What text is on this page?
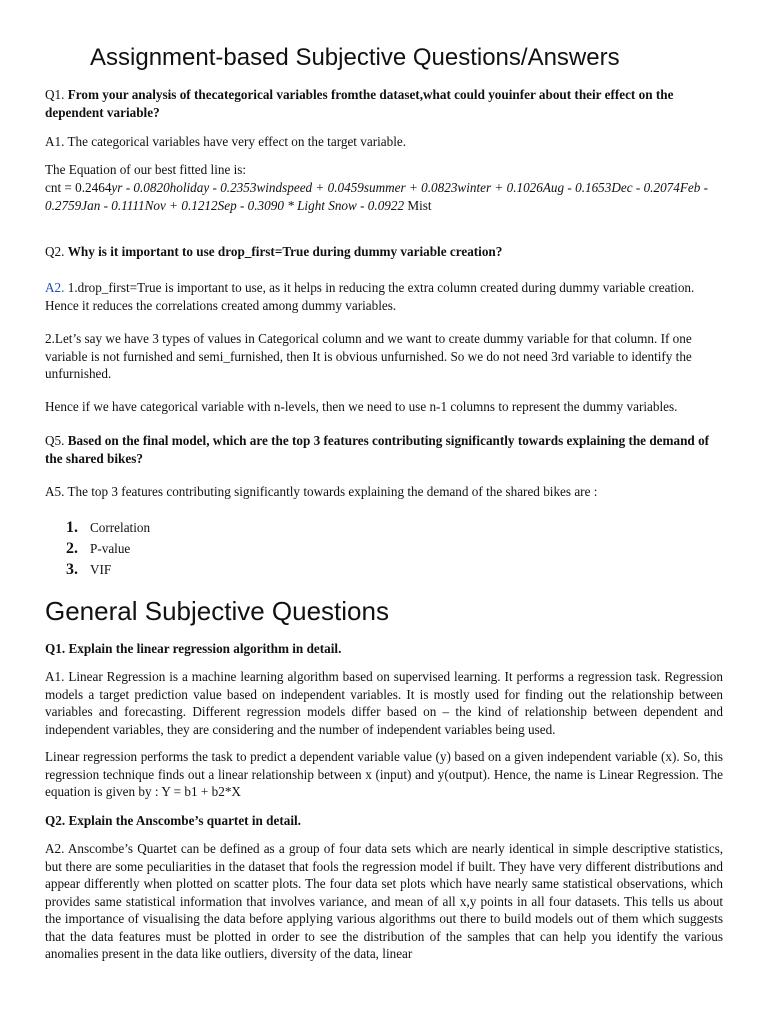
Assignment-based Subjective Questions/Answers
Q1. From your analysis of thecategorical variables fromthe dataset,what could youinfer about their effect on the dependent variable?
A1. The categorical variables have very effect on the target variable.
The Equation of our best fitted line is:
cnt = 0.2464yr - 0.0820holiday - 0.2353windspeed + 0.0459summer + 0.0823winter + 0.1026Aug - 0.1653Dec - 0.2074Feb - 0.2759Jan - 0.1111Nov + 0.1212Sep - 0.3090 * Light Snow - 0.0922 Mist
Q2. Why is it important to use drop_first=True during dummy variable creation?
A2. 1.drop_first=True is important to use, as it helps in reducing the extra column created during dummy variable creation. Hence it reduces the correlations created among dummy variables.
2.Let’s say we have 3 types of values in Categorical column and we want to create dummy variable for that column. If one variable is not furnished and semi_furnished, then It is obvious unfurnished. So we do not need 3rd variable to identify the unfurnished.
Hence if we have categorical variable with n-levels, then we need to use n-1 columns to represent the dummy variables.
Q5. Based on the final model, which are the top 3 features contributing significantly towards explaining the demand of the shared bikes?
A5. The top 3 features contributing significantly towards explaining the demand of the shared bikes are :
1. Correlation
2. P-value
3. VIF
General Subjective Questions
Q1. Explain the linear regression algorithm in detail.
A1. Linear Regression is a machine learning algorithm based on supervised learning. It performs a regression task. Regression models a target prediction value based on independent variables. It is mostly used for finding out the relationship between variables and forecasting. Different regression models differ based on – the kind of relationship between dependent and independent variables, they are considering and the number of independent variables being used.
Linear regression performs the task to predict a dependent variable value (y) based on a given independent variable (x). So, this regression technique finds out a linear relationship between x (input) and y(output). Hence, the name is Linear Regression. The equation is given by : Y = b1 + b2*X
Q2. Explain the Anscombe’s quartet in detail.
A2. Anscombe’s Quartet can be defined as a group of four data sets which are nearly identical in simple descriptive statistics, but there are some peculiarities in the dataset that fools the regression model if built. They have very different distributions and appear differently when plotted on scatter plots. The four data set plots which have nearly same statistical observations, which provides same statistical information that involves variance, and mean of all x,y points in all four datasets. This tells us about the importance of visualising the data before applying various algorithms out there to build models out of them which suggests that the data features must be plotted in order to see the distribution of the samples that can help you identify the various anomalies present in the data like outliers, diversity of the data, linear
